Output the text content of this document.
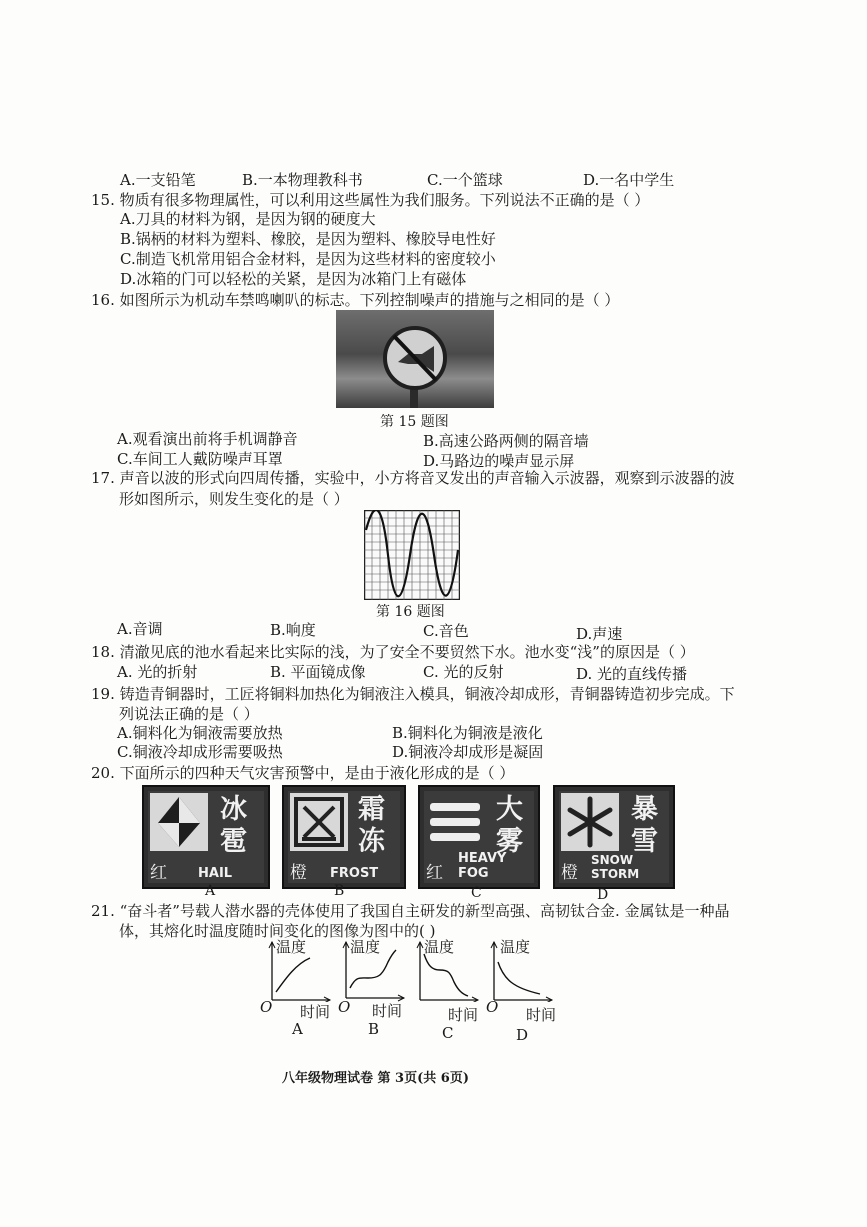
A.一支铅笔	B.一本物理教科书	C.一个篮球	D.一名中学生
15. 物质有很多物理属性，可以利用这些属性为我们服务。下列说法不正确的是（ ）
A.刀具的材料为钢，是因为钢的硬度大
B.锅柄的材料为塑料、橡胶，是因为塑料、橡胶导电性好
C.制造飞机常用铝合金材料，是因为这些材料的密度较小
D.冰箱的门可以轻松的关紧，是因为冰箱门上有磁体
16. 如图所示为机动车禁鸣喇叭的标志。下列控制噪声的措施与之相同的是（ ）
第 15 题图
A.观看演出前将手机调静音	B.高速公路两侧的隔音墙
C.车间工人戴防噪声耳罩	D.马路边的噪声显示屏
17. 声音以波的形式向四周传播，实验中，小方将音叉发出的声音输入示波器，观察到示波器的波
形如图所示，则发生变化的是（ ）
第 16 题图
A.音调	B.响度	C.音色	D.声速
18. 清澈见底的池水看起来比实际的浅，为了安全不要贸然下水。池水变“浅”的原因是（ ）
A. 光的折射	B. 平面镜成像	C. 光的反射	D. 光的直线传播
19. 铸造青铜器时，工匠将铜料加热化为铜液注入模具，铜液冷却成形，青铜器铸造初步完成。下
列说法正确的是（ ）
A.铜料化为铜液需要放热	B.铜料化为铜液是液化
C.铜液冷却成形需要吸热	D.铜液冷却成形是凝固
20. 下面所示的四种天气灾害预警中，是由于液化形成的是（ ）
冰
雹
红 HAIL
A
霜
冻
橙 FROST
B
大
雾
红
HEAVY FOG
C
暴
雪
橙
SNOW STORM
D
21. “奋斗者”号载人潜水器的壳体使用了我国自主研发的新型高强、高韧钛合金. 金属钛是一种晶
体，其熔化时温度随时间变化的图像为图中的( )
温度
O 时间
A
温度
O 时间
B
温度
时间
C
温度
O 时间
D
八年级物理试卷 第 3页(共 6页)
